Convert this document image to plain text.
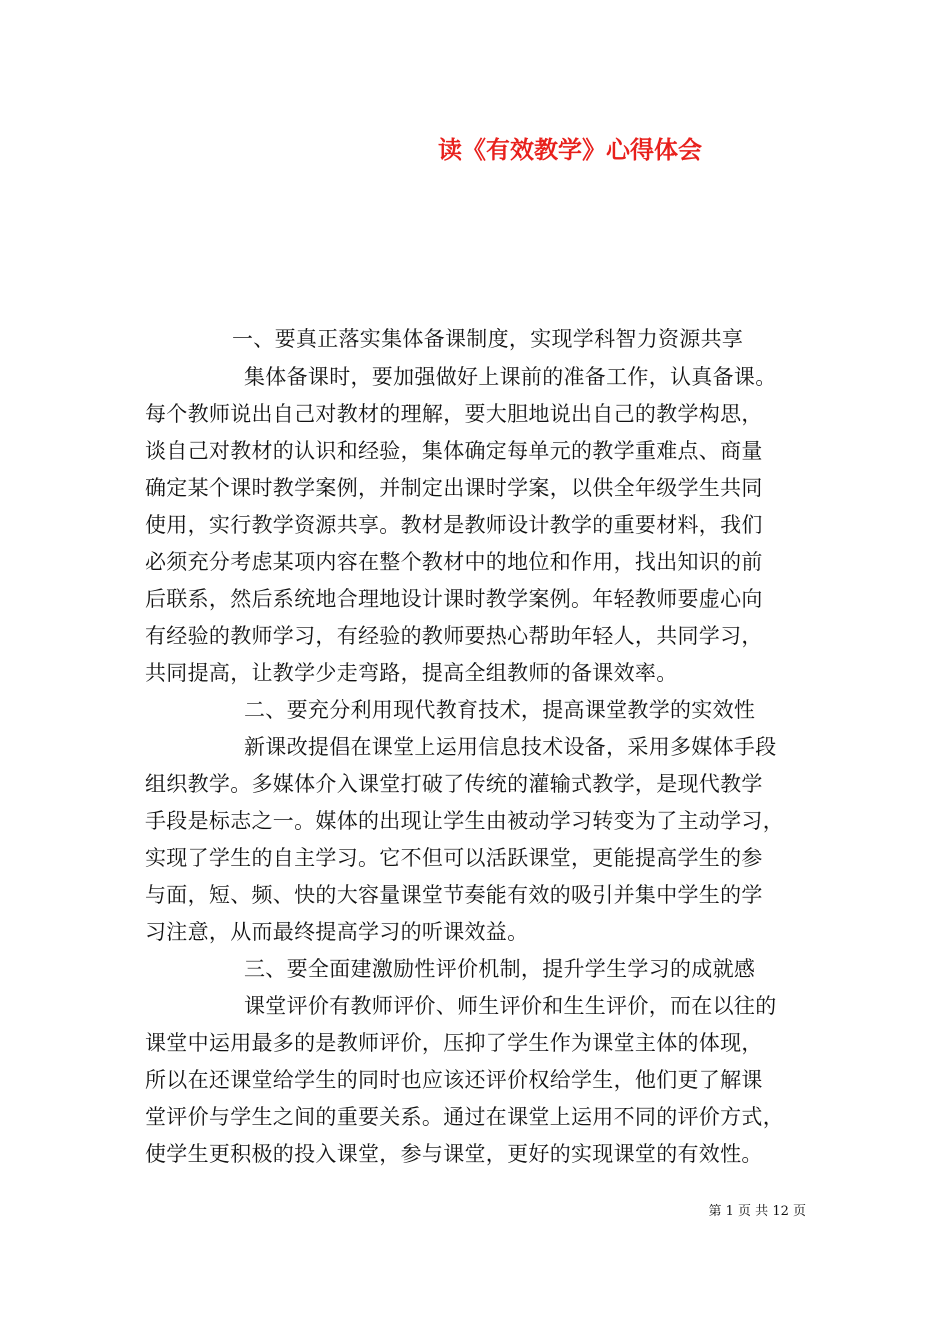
读《有效教学》心得体会
一、要真正落实集体备课制度，实现学科智力资源共享
集体备课时，要加强做好上课前的准备工作，认真备课。
每个教师说出自己对教材的理解，要大胆地说出自己的教学构思，
谈自己对教材的认识和经验，集体确定每单元的教学重难点、商量
确定某个课时教学案例，并制定出课时学案，以供全年级学生共同
使用，实行教学资源共享。教材是教师设计教学的重要材料，我们
必须充分考虑某项内容在整个教材中的地位和作用，找出知识的前
后联系，然后系统地合理地设计课时教学案例。年轻教师要虚心向
有经验的教师学习，有经验的教师要热心帮助年轻人，共同学习，
共同提高，让教学少走弯路，提高全组教师的备课效率。
二、要充分利用现代教育技术，提高课堂教学的实效性
新课改提倡在课堂上运用信息技术设备，采用多媒体手段
组织教学。多媒体介入课堂打破了传统的灌输式教学，是现代教学
手段是标志之一。媒体的出现让学生由被动学习转变为了主动学习，
实现了学生的自主学习。它不但可以活跃课堂，更能提高学生的参
与面，短、频、快的大容量课堂节奏能有效的吸引并集中学生的学
习注意，从而最终提高学习的听课效益。
三、要全面建激励性评价机制，提升学生学习的成就感
课堂评价有教师评价、师生评价和生生评价，而在以往的
课堂中运用最多的是教师评价，压抑了学生作为课堂主体的体现，
所以在还课堂给学生的同时也应该还评价权给学生，他们更了解课
堂评价与学生之间的重要关系。通过在课堂上运用不同的评价方式，
使学生更积极的投入课堂，参与课堂，更好的实现课堂的有效性。
第 1 页 共 12 页
